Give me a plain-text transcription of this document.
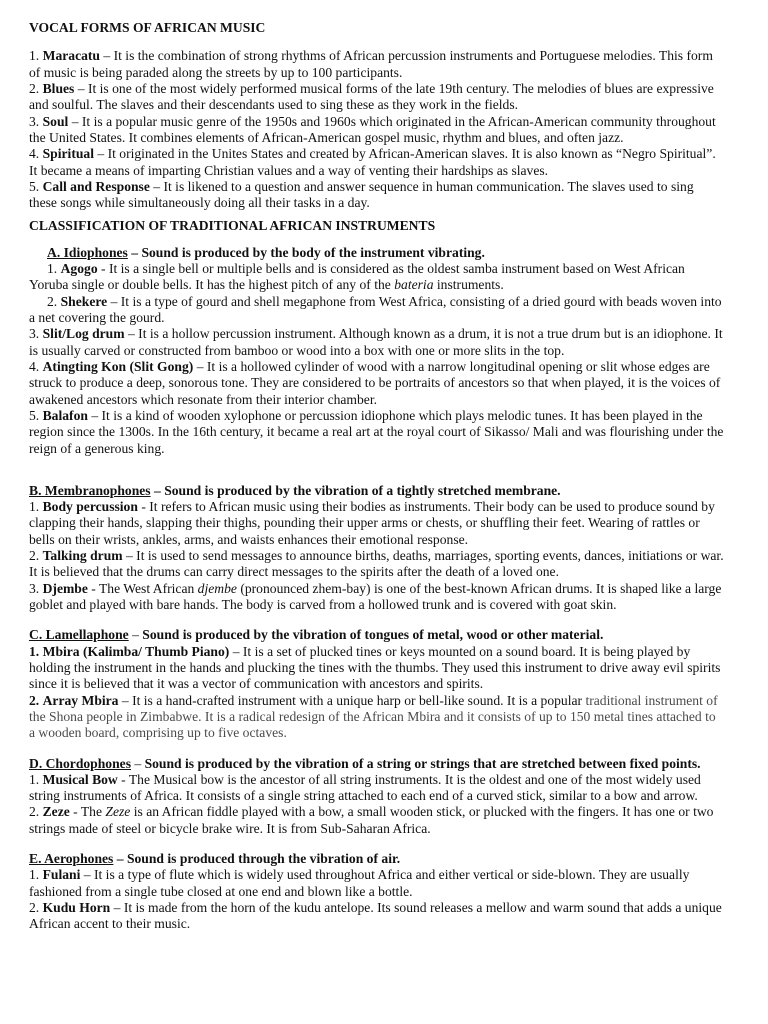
VOCAL FORMS OF AFRICAN MUSIC

1. Maracatu – It is the combination of strong rhythms of African percussion instruments and Portuguese melodies. This form of music is being paraded along the streets by up to 100 participants.

2. Blues – It is one of the most widely performed musical forms of the late 19th century. The melodies of blues are expressive and soulful. The slaves and their descendants used to sing these as they work in the fields.

3. Soul – It is a popular music genre of the 1950s and 1960s which originated in the African-American community throughout the United States. It combines elements of African-American gospel music, rhythm and blues, and often jazz.

4. Spiritual – It originated in the Unites States and created by African-American slaves. It is also known as “Negro Spiritual”. It became a means of imparting Christian values and a way of venting their hardships as slaves.

5. Call and Response – It is likened to a question and answer sequence in human communication. The slaves used to sing these songs while simultaneously doing all their tasks in a day.

CLASSIFICATION OF TRADITIONAL AFRICAN INSTRUMENTS

A. Idiophones – Sound is produced by the body of the instrument vibrating.

1. Agogo - It is a single bell or multiple bells and is considered as the oldest samba instrument based on West African Yoruba single or double bells. It has the highest pitch of any of the bateria instruments.

2. Shekere – It is a type of gourd and shell megaphone from West Africa, consisting of a dried gourd with beads woven into a net covering the gourd.

3. Slit/Log drum – It is a hollow percussion instrument. Although known as a drum, it is not a true drum but is an idiophone. It is usually carved or constructed from bamboo or wood into a box with one or more slits in the top.

4. Atingting Kon (Slit Gong) – It is a hollowed cylinder of wood with a narrow longitudinal opening or slit whose edges are struck to produce a deep, sonorous tone. They are considered to be portraits of ancestors so that when played, it is the voices of awakened ancestors which resonate from their interior chamber.

5. Balafon – It is a kind of wooden xylophone or percussion idiophone which plays melodic tunes. It has been played in the region since the 1300s. In the 16th century, it became a real art at the royal court of Sikasso/ Mali and was flourishing under the reign of a generous king.

B. Membranophones – Sound is produced by the vibration of a tightly stretched membrane.

1. Body percussion - It refers to African music using their bodies as instruments. Their body can be used to produce sound by clapping their hands, slapping their thighs, pounding their upper arms or chests, or shuffling their feet. Wearing of rattles or bells on their wrists, ankles, arms, and waists enhances their emotional response.

2. Talking drum – It is used to send messages to announce births, deaths, marriages, sporting events, dances, initiations or war. It is believed that the drums can carry direct messages to the spirits after the death of a loved one.

3. Djembe - The West African djembe (pronounced zhem-bay) is one of the best-known African drums. It is shaped like a large goblet and played with bare hands. The body is carved from a hollowed trunk and is covered with goat skin.

C. Lamellaphone – Sound is produced by the vibration of tongues of metal, wood or other material.

1. Mbira (Kalimba/ Thumb Piano) – It is a set of plucked tines or keys mounted on a sound board. It is being played by holding the instrument in the hands and plucking the tines with the thumbs. They used this instrument to drive away evil spirits since it is believed that it was a vector of communication with ancestors and spirits.

2. Array Mbira – It is a hand-crafted instrument with a unique harp or bell-like sound. It is a popular traditional instrument of the Shona people in Zimbabwe. It is a radical redesign of the African Mbira and it consists of up to 150 metal tines attached to a wooden board, comprising up to five octaves.

D. Chordophones – Sound is produced by the vibration of a string or strings that are stretched between fixed points.

1. Musical Bow - The Musical bow is the ancestor of all string instruments. It is the oldest and one of the most widely used string instruments of Africa. It consists of a single string attached to each end of a curved stick, similar to a bow and arrow.

2. Zeze - The Zeze is an African fiddle played with a bow, a small wooden stick, or plucked with the fingers. It has one or two strings made of steel or bicycle brake wire. It is from Sub-Saharan Africa.

E. Aerophones – Sound is produced through the vibration of air.

1. Fulani – It is a type of flute which is widely used throughout Africa and either vertical or side-blown. They are usually fashioned from a single tube closed at one end and blown like a bottle.

2. Kudu Horn – It is made from the horn of the kudu antelope. Its sound releases a mellow and warm sound that adds a unique African accent to their music.
